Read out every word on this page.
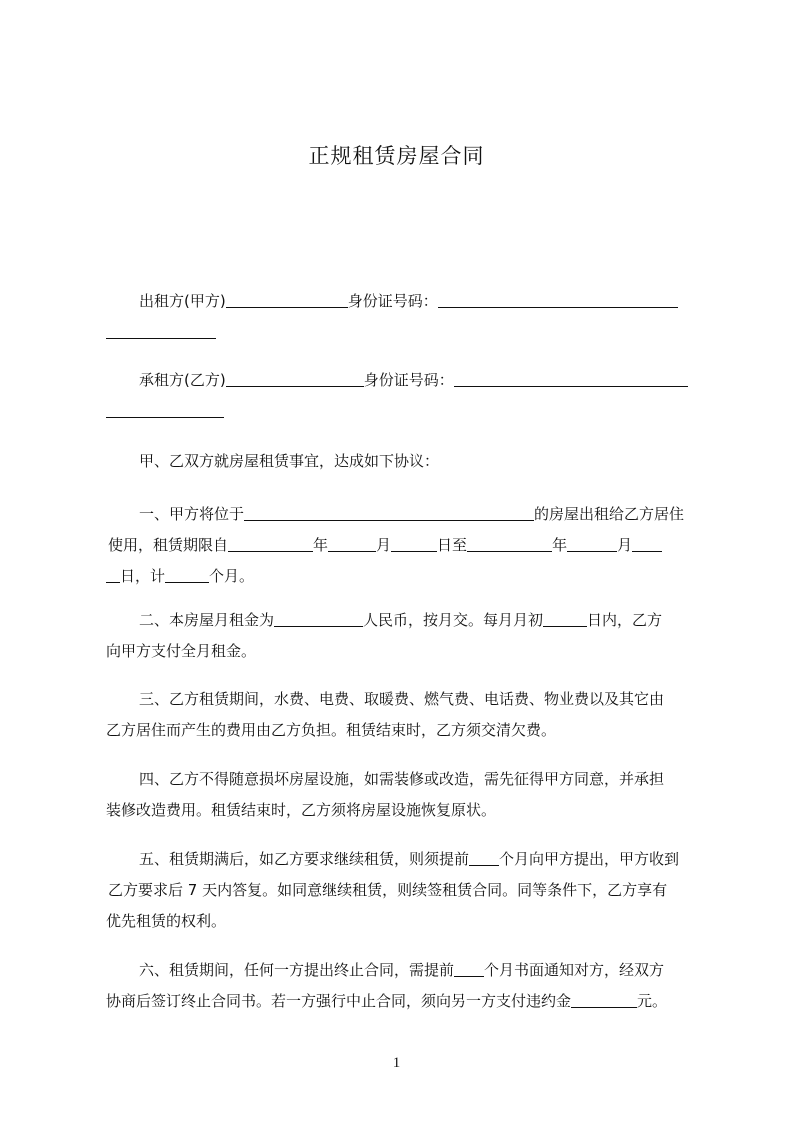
正规租赁房屋合同
出租方(甲方)	身份证号码：
承租方(乙方)	身份证号码：
甲、乙双方就房屋租赁事宜，达成如下协议：
一、甲方将位于	的房屋出租给乙方居住
使用，租赁期限自	年	月	日至	年	月
日，计	个月。
二、本房屋月租金为	人民币，按月交。每月月初	日内，乙方
向甲方支付全月租金。
三、乙方租赁期间，水费、电费、取暖费、燃气费、电话费、物业费以及其它由
乙方居住而产生的费用由乙方负担。租赁结束时，乙方须交清欠费。
四、乙方不得随意损坏房屋设施，如需装修或改造，需先征得甲方同意，并承担
装修改造费用。租赁结束时，乙方须将房屋设施恢复原状。
五、租赁期满后，如乙方要求继续租赁，则须提前 个月向甲方提出，甲方收到
乙方要求后 7 天内答复。如同意继续租赁，则续签租赁合同。同等条件下，乙方享有
优先租赁的权利。
六、租赁期间，任何一方提出终止合同，需提前 个月书面通知对方，经双方
协商后签订终止合同书。若一方强行中止合同，须向另一方支付违约金	元。
1
